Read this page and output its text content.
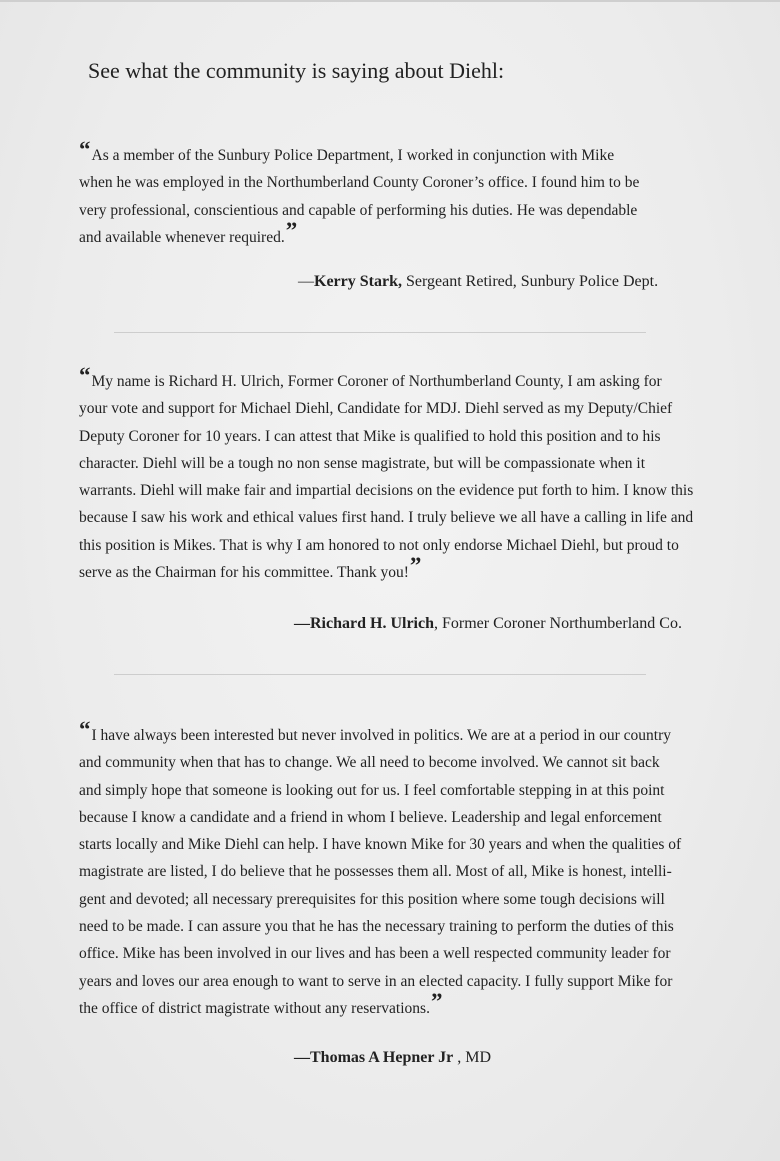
See what the community is saying about Diehl:

“As a member of the Sunbury Police Department, I worked in conjunction with Mike
when he was employed in the Northumberland County Coroner’s office. I found him to be
very professional, conscientious and capable of performing his duties. He was dependable
and available whenever required.”

—Kerry Stark, Sergeant Retired, Sunbury Police Dept.

“My name is Richard H. Ulrich, Former Coroner of Northumberland County, I am asking for
your vote and support for Michael Diehl, Candidate for MDJ. Diehl served as my Deputy/Chief
Deputy Coroner for 10 years. I can attest that Mike is qualified to hold this position and to his
character. Diehl will be a tough no non sense magistrate, but will be compassionate when it
warrants. Diehl will make fair and impartial decisions on the evidence put forth to him. I know this
because I saw his work and ethical values first hand. I truly believe we all have a calling in life and
this position is Mikes. That is why I am honored to not only endorse Michael Diehl, but proud to
serve as the Chairman for his committee. Thank you!”

—Richard H. Ulrich, Former Coroner Northumberland Co.

“I have always been interested but never involved in politics. We are at a period in our country
and community when that has to change. We all need to become involved. We cannot sit back
and simply hope that someone is looking out for us. I feel comfortable stepping in at this point
because I know a candidate and a friend in whom I believe. Leadership and legal enforcement
starts locally and Mike Diehl can help. I have known Mike for 30 years and when the qualities of
magistrate are listed, I do believe that he possesses them all. Most of all, Mike is honest, intelli-
gent and devoted; all necessary prerequisites for this position where some tough decisions will
need to be made. I can assure you that he has the necessary training to perform the duties of this
office. Mike has been involved in our lives and has been a well respected community leader for
years and loves our area enough to want to serve in an elected capacity. I fully support Mike for
the office of district magistrate without any reservations.”

—Thomas A Hepner Jr , MD
